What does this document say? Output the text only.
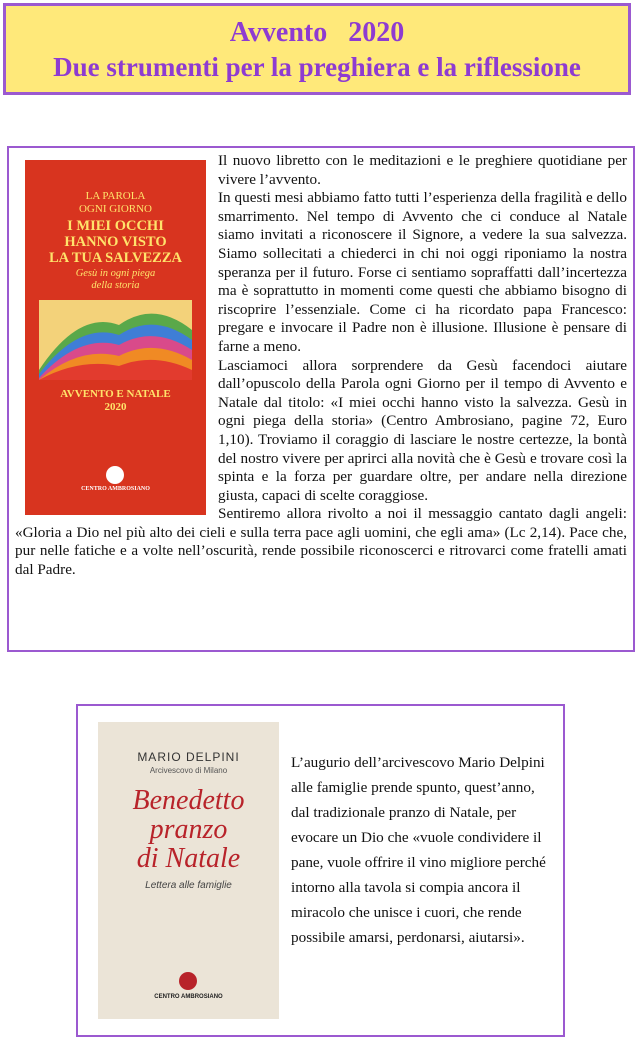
Avvento   2020
Due strumenti per la preghiera e la riflessione
LA PAROLA
OGNI GIORNO
I MIEI OCCHI
HANNO VISTO
LA TUA SALVEZZA
Gesù in ogni piega
della storia
AVVENTO E NATALE
2020
CENTRO AMBROSIANO

Il nuovo libretto con le meditazioni e le preghiere quotidiane per vivere l’avvento.

In questi mesi abbiamo fatto tutti l’esperienza della fragilità e dello smarrimento. Nel tempo di Avvento che ci conduce al Natale siamo invitati a riconoscere il Signore, a vedere la sua salvezza. Siamo sollecitati a chiederci in chi noi oggi riponiamo la nostra speranza per il futuro. Forse ci sentiamo sopraffatti dall’incertezza ma è soprattutto in momenti come questi che abbiamo bisogno di riscoprire l’essenziale. Come ci ha ricordato papa Francesco: pregare e invocare il Padre non è illusione. Illusione è pensare di farne a meno.

Lasciamoci allora sorprendere da Gesù facendoci aiutare dall’opuscolo della Parola ogni Giorno per il tempo di Avvento e Natale dal titolo: «I miei occhi hanno visto la salvezza. Gesù in ogni piega della storia» (Centro Ambrosiano, pagine 72, Euro 1,10). Troviamo il coraggio di lasciare le nostre certezze, la bontà del nostro vivere per aprirci alla novità che è Gesù e trovare così la spinta e la forza per guardare oltre, per andare nella direzione giusta, capaci di scelte coraggiose.

Sentiremo allora rivolto a noi il messaggio cantato dagli angeli: «Gloria a Dio nel più alto dei cieli e sulla terra pace agli uomini, che egli ama» (Lc 2,14). Pace che, pur nelle fatiche e a volte nell’oscurità, rende possibile riconoscerci e ritrovarci come fratelli amati dal Padre.

MARIO DELPINI
Arcivescovo di Milano
Benedetto
pranzo
di Natale
Lettera alle famiglie
CENTRO AMBROSIANO

L’augurio dell’arcivescovo Mario Delpini alle famiglie prende spunto, quest’anno, dal tradizionale pranzo di Natale, per evocare un Dio che «vuole condividere il pane, vuole offrire il vino migliore perché intorno alla tavola si compia ancora il miracolo che unisce i cuori, che rende possibile amarsi, perdonarsi, aiutarsi».
